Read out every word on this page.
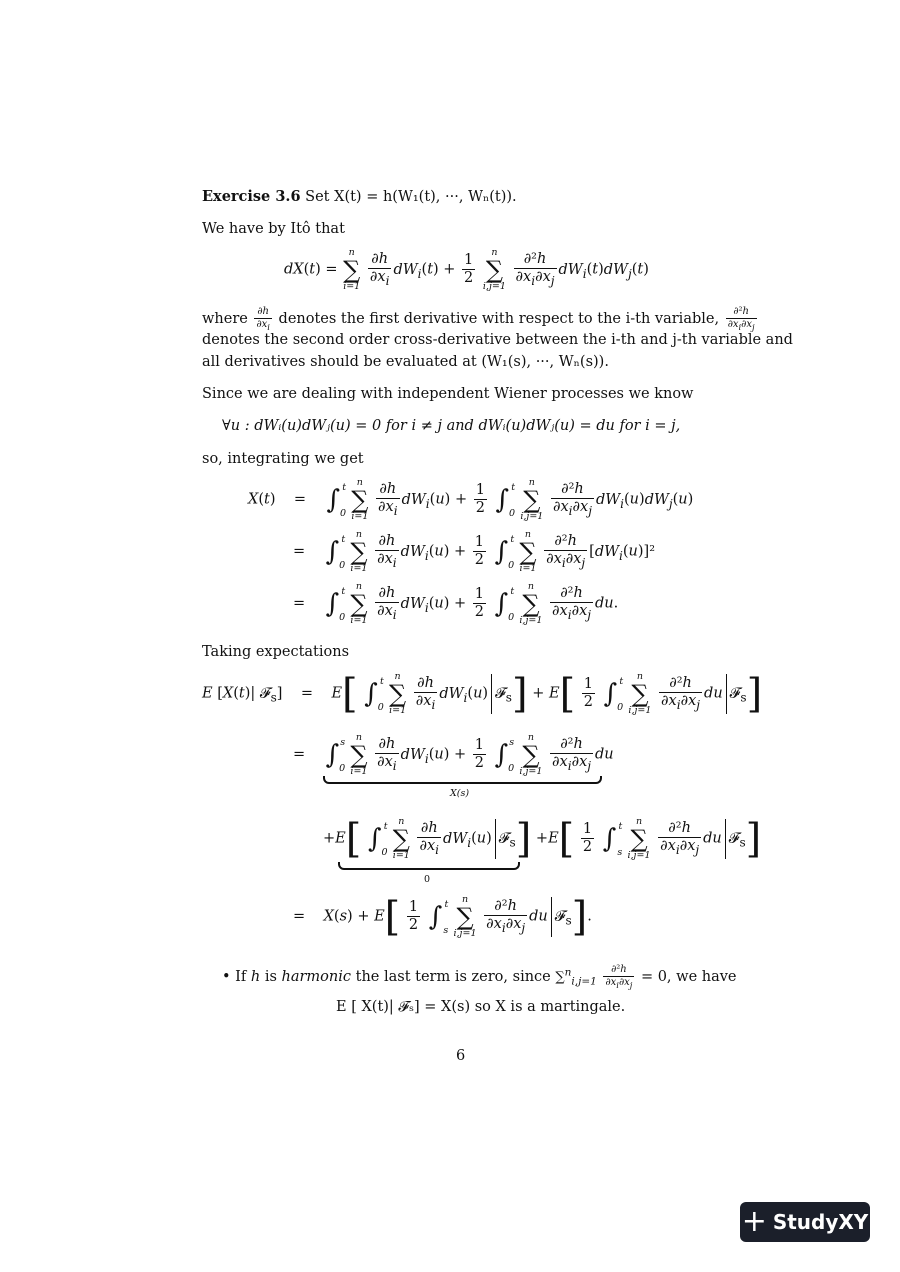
Exercise 3.6 Set X(t) = h(W₁(t), ···, Wₙ(t)).
We have by Itô that
dX(t) =
n
∑
i=1
$\frac{\partial h}{\partial x_i} dW_i(t) + \frac{1}{2}$
	n
∑
i,j=1
$\frac{\text{∂²h}}{\partial x_i\partial x_j} dW_i(t)dW_j(t)$
where $\frac{\partial h}{\partial x_i}$ denotes the first derivative with respect to the i-th variable, $\frac{\text{∂²h}}{\partial x_i\partial x_j}$
denotes the second order cross-derivative between the i-th and j-th variable and
all derivatives should be evaluated at (W₁(s), ···, Wₙ(s)).
Since we are dealing with independent Wiener processes we know
∀u : dWᵢ(u)dWⱼ(u) = 0 for i ≠ j and dWᵢ(u)dWⱼ(u) = du for i = j,
so, integrating we get
X(t)    =    ∫ t
0

n
∑
i=1
$\frac{\partial h}{\partial x_i} dW_i(u) + \frac{1}{2}$ ∫ t
0

n
∑
i,j=1
$\frac{\text{∂²h}}{\partial x_i\partial x_j} dW_i(u)dW_j(u)$
=    ∫ t
0

n
∑
i=1
$\frac{\partial h}{\partial x_i} dW_i(u) + \frac{1}{2}$ ∫ t
0

n
∑
i=1
$\frac{\text{∂²h}}{\partial x_i\partial x_j} [dW_i(u)]^2$
=    ∫ t
0

n
∑
i=1
$\frac{\partial h}{\partial x_i} dW_i(u) + \frac{1}{2}$ ∫ t
0

n
∑
i,j=1
$\frac{\text{∂²h}}{\partial x_i\partial x_j}$ du.
Taking expectations
E [X(t)| 𝓕$_s$]    =    E[ ∫ t
0

n
∑
i=1
$\frac{\partial h}{\partial x_i} dW_i(u)$ 𝓕$_s$] + $E[ \frac{1}{2}$ ∫ t
0

n
∑
i,j=1
$\frac{\text{∂²h}}{\partial x_i\partial x_j}$ du 𝓕$_s$]
=    ∫ s
0

n
∑
i=1
$\frac{\partial h}{\partial x_i} dW_i(u) + \frac{1}{2}$ ∫ s
0

n
∑
i,j=1
$\frac{\text{∂²h}}{\partial x_i\partial x_j}$ du
X(s)
+E[ ∫ t
0

n
∑
i=1
$\frac{\partial h}{\partial x_i} dW_i(u)$ 𝓕$_s$] $+E[ \frac{1}{2}$ ∫ t
s

n
∑
i,j=1
$\frac{\text{∂²h}}{\partial x_i\partial x_j}$ du 𝓕$_s$]
0
=    $X(s) + E[ \frac{1}{2}$ ∫ t
s

n
∑
i,j=1
$\frac{\text{∂²h}}{\partial x_i\partial x_j}$ du 𝓕$_s$].
• If h is harmonic the last term is zero, since $\sum^n_{i,j=1} \frac{\text{∂²h}}{\partial x_i\partial x_j} = 0$, we have
E [ X(t)| 𝓕ₛ] = X(s) so X is a martingale.
6
+ StudyXY
